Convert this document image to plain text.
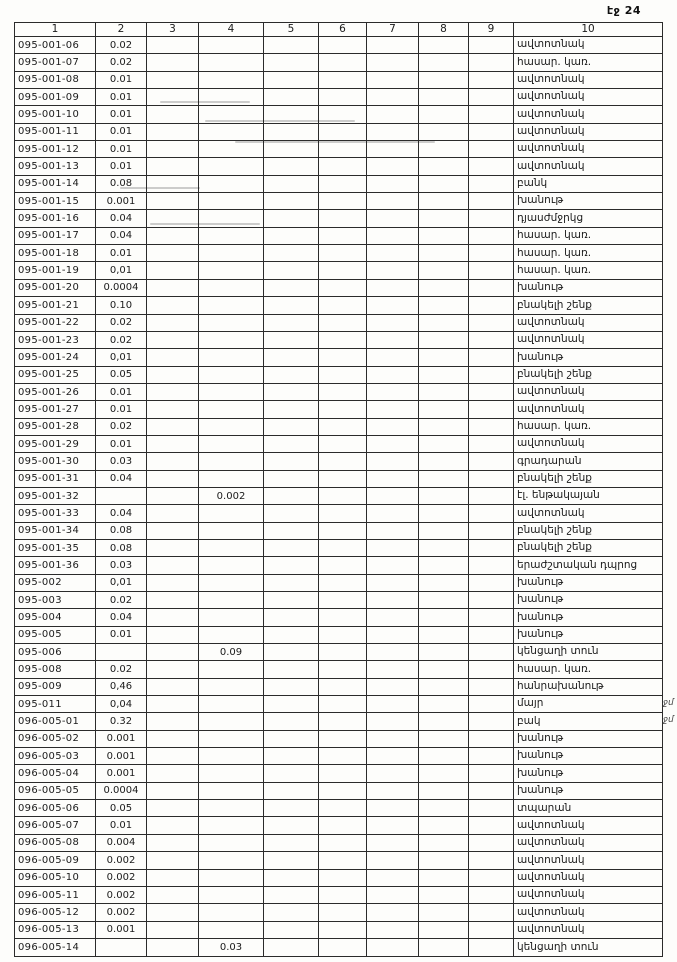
էջ 24
1	2	3	4	5	6	7	8	9	10
095-001-06	0.02								ավտոտնակ
095-001-07	0.02								հասար. կառ.
095-001-08	0.01								ավտոտնակ
095-001-09	0.01								ավտոտնակ
095-001-10	0.01								ավտոտնակ
095-001-11	0.01								ավտոտնակ
095-001-12	0.01								ավտոտնակ
095-001-13	0.01								ավտոտնակ
095-001-14	0.08								բանկ
095-001-15	0.001								խանութ
095-001-16	0.04								դյասժմջրկց
095-001-17	0.04								հասար. կառ.
095-001-18	0.01								հասար. կառ.
095-001-19	0,01								հասար. կառ.
095-001-20	0.0004								խանութ
095-001-21	0.10								բնակելի շենք
095-001-22	0.02								ավտոտնակ
095-001-23	0.02								ավտոտնակ
095-001-24	0,01								խանութ
095-001-25	0.05								բնակելի շենք
095-001-26	0.01								ավտոտնակ
095-001-27	0.01								ավտոտնակ
095-001-28	0.02								հասար. կառ.
095-001-29	0.01								ավտոտնակ
095-001-30	0.03								գրադարան
095-001-31	0.04								բնակելի շենք
095-001-32			0.002						էլ. ենթակայան
095-001-33	0.04								ավտոտնակ
095-001-34	0.08								բնակելի շենք
095-001-35	0.08								բնակելի շենք
095-001-36	0.03								երաժշտական դպրոց
095-002	0,01								խանութ
095-003	0.02								խանութ
095-004	0.04								խանութ
095-005	0.01								խանութ
095-006			0.09						կենցաղի տուն
095-008	0.02								հասար. կառ.
095-009	0,46								հանրախանութ
095-011	0,04								մայր
096-005-01	0.32								բակ
096-005-02	0.001								խանութ
096-005-03	0.001								խանութ
096-005-04	0.001								խանութ
096-005-05	0.0004								խանութ
096-005-06	0.05								տպարան
096-005-07	0.01								ավտոտնակ
096-005-08	0.004								ավտոտնակ
096-005-09	0.002								ավտոտնակ
096-005-10	0.002								ավտոտնակ
096-005-11	0.002								ավտոտնակ
096-005-12	0.002								ավտոտնակ
096-005-13	0.001								ավտոտնակ
096-005-14			0.03						կենցաղի տուն
ջմ
ջմ
